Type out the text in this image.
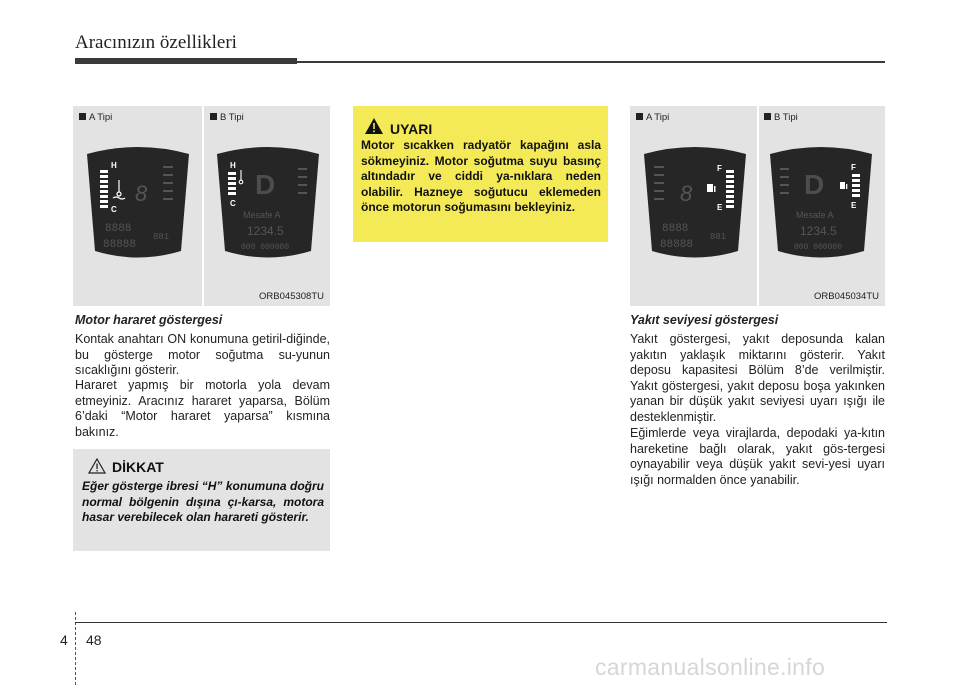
Aracınızın özellikleri
A Tipi	B Tipi
H
C
8
8888
88888
881
H
C
D
Mesafe A
1234.5
000 000000
ORB045308TU
Motor hararet göstergesi
Kontak anahtarı ON konumuna getiril-diğinde, bu gösterge motor soğutma su-yunun sıcaklığını gösterir.
Hararet yapmış bir motorla yola devam etmeyiniz. Aracınız hararet yaparsa, Bölüm 6’daki “Motor hararet yaparsa” kısmına bakınız.
DİKKAT
Eğer gösterge ibresi “H” konumuna doğru normal bölgenin dışına çı-karsa, motora hasar verebilecek olan harareti gösterir.
UYARI
Motor sıcakken radyatör kapağını asla sökmeyiniz. Motor soğutma suyu basınç altındadır ve ciddi ya-nıklara neden olabilir. Hazneye soğutucu eklemeden önce motorun soğumasını bekleyiniz.
A Tipi	B Tipi
F
E
8
8888
88888
881
F
E
D
Mesafe A
1234.5
000 000000
ORB045034TU
Yakıt seviyesi göstergesi
Yakıt göstergesi, yakıt deposunda kalan yakıtın yaklaşık miktarını gösterir. Yakıt deposu kapasitesi Bölüm 8’de verilmiştir. Yakıt göstergesi, yakıt deposu boşa yakınken yanan bir düşük yakıt seviyesi uyarı ışığı ile desteklenmiştir.
Eğimlerde veya virajlarda, depodaki ya-kıtın hareketine bağlı olarak, yakıt gös-tergesi oynayabilir veya düşük yakıt sevi-yesi uyarı ışığı normalden önce yanabilir.
4 48
carmanualsonline.info
